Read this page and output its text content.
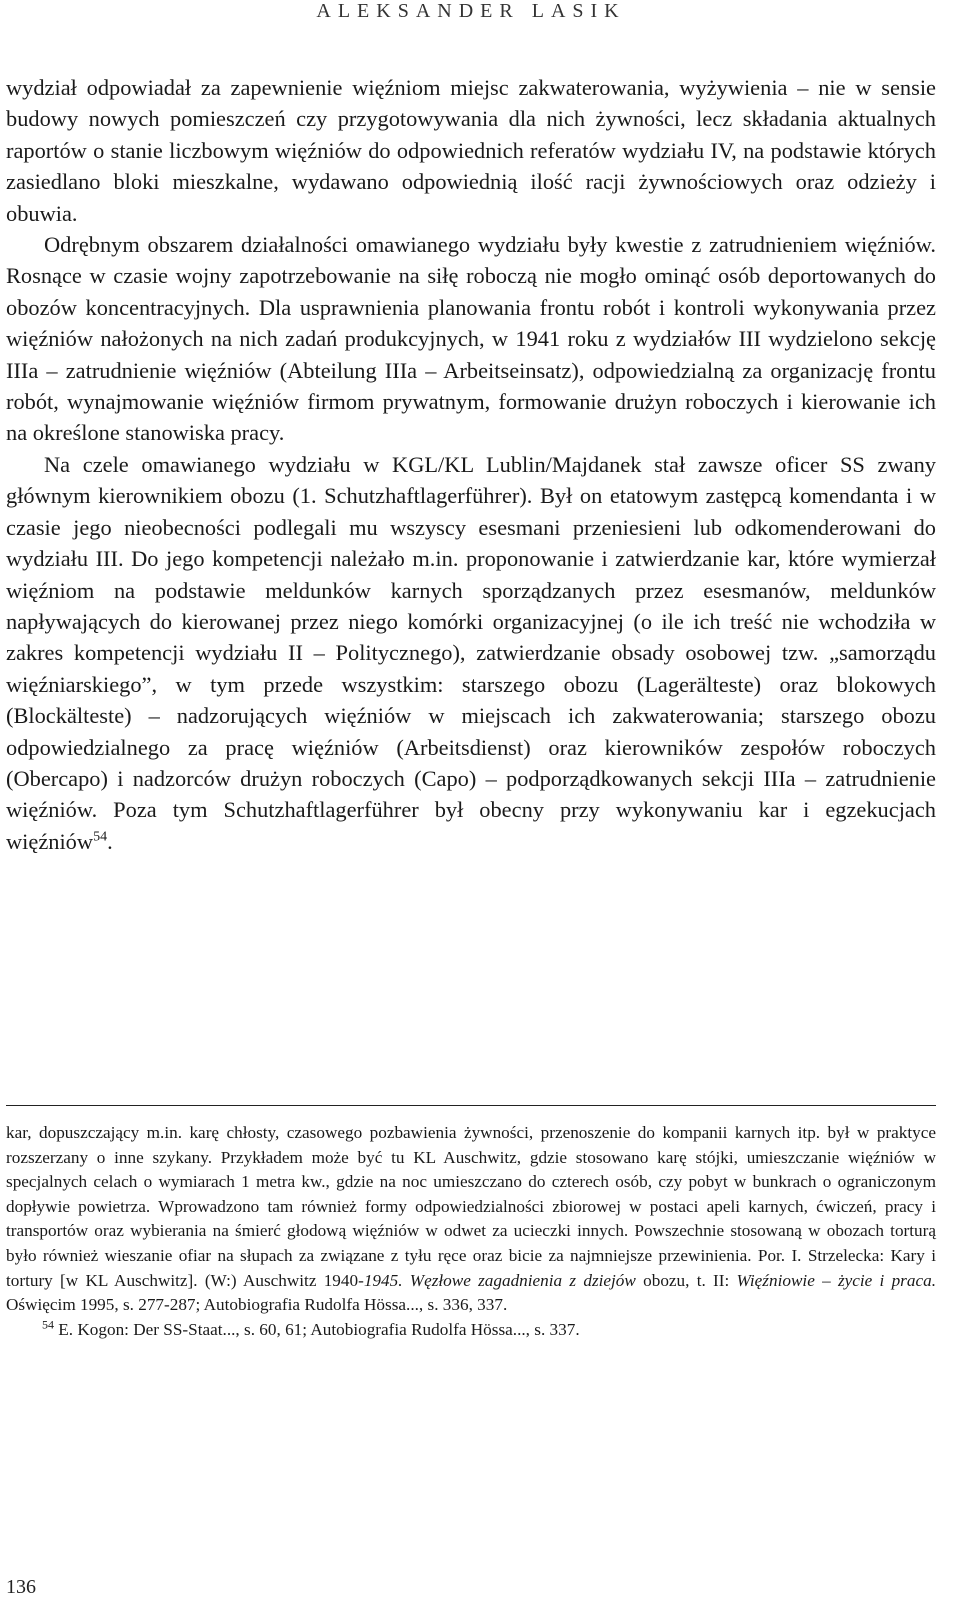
ALEKSANDER LASIK

wydział odpowiadał za zapewnienie więźniom miejsc zakwaterowania, wyżywienia – nie w sensie budowy nowych pomieszczeń czy przygotowywania dla nich żywności, lecz składania aktualnych raportów o stanie liczbowym więźniów do odpowiednich referatów wydziału IV, na podstawie których zasiedlano bloki mieszkalne, wydawano odpowiednią ilość racji żywnościowych oraz odzieży i obuwia.

Odrębnym obszarem działalności omawianego wydziału były kwestie z zatrudnieniem więźniów. Rosnące w czasie wojny zapotrzebowanie na siłę roboczą nie mogło ominąć osób deportowanych do obozów koncentracyjnych. Dla usprawnienia planowania frontu robót i kontroli wykonywania przez więźniów nałożonych na nich zadań produkcyjnych, w 1941 roku z wydziałów III wydzielono sekcję IIIa – zatrudnienie więźniów (Abteilung IIIa – Arbeitseinsatz), odpowiedzialną za organizację frontu robót, wynajmowanie więźniów firmom prywatnym, formowanie drużyn roboczych i kierowanie ich na określone stanowiska pracy.

Na czele omawianego wydziału w KGL/KL Lublin/Majdanek stał zawsze oficer SS zwany głównym kierownikiem obozu (1. Schutzhaftlagerführer). Był on etatowym zastępcą komendanta i w czasie jego nieobecności podlegali mu wszyscy esesmani przeniesieni lub odkomenderowani do wydziału III. Do jego kompetencji należało m.in. proponowanie i zatwierdzanie kar, które wymierzał więźniom na podstawie meldunków karnych sporządzanych przez esesmanów, meldunków napływających do kierowanej przez niego komórki organizacyjnej (o ile ich treść nie wchodziła w zakres kompetencji wydziału II – Politycznego), zatwierdzanie obsady osobowej tzw. „samorządu więźniarskiego”, w tym przede wszystkim: starszego obozu (Lagerälteste) oraz blokowych (Blockälteste) – nadzorujących więźniów w miejscach ich zakwaterowania; starszego obozu odpowiedzialnego za pracę więźniów (Arbeitsdienst) oraz kierowników zespołów roboczych (Obercapo) i nadzorców drużyn roboczych (Capo) – podporządkowanych sekcji IIIa – zatrudnienie więźniów. Poza tym Schutzhaftlagerführer był obecny przy wykonywaniu kar i egzekucjach więźniów$^{54}$.

kar, dopuszczający m.in. karę chłosty, czasowego pozbawienia żywności, przenoszenie do kompanii karnych itp. był w praktyce rozszerzany o inne szykany. Przykładem może być tu KL Auschwitz, gdzie stosowano karę stójki, umieszczanie więźniów w specjalnych celach o wymiarach 1 metra kw., gdzie na noc umieszczano do czterech osób, czy pobyt w bunkrach o ograniczonym dopływie powietrza. Wprowadzono tam również formy odpowiedzialności zbiorowej w postaci apeli karnych, ćwiczeń, pracy i transportów oraz wybierania na śmierć głodową więźniów w odwet za ucieczki innych. Powszechnie stosowaną w obozach torturą było również wieszanie ofiar na słupach za związane z tyłu ręce oraz bicie za najmniejsze przewinienia. Por. I. Strzelecka: Kary i tortury [w KL Auschwitz]. (W:) Auschwitz 1940-1945. Węzłowe zagadnienia z dziejów obozu, t. II: Więźniowie – życie i praca. Oświęcim 1995, s. 277-287; Autobiografia Rudolfa Hössa..., s. 336, 337.

$^{54}$ E. Kogon: Der SS-Staat..., s. 60, 61; Autobiografia Rudolfa Hössa..., s. 337.

136
